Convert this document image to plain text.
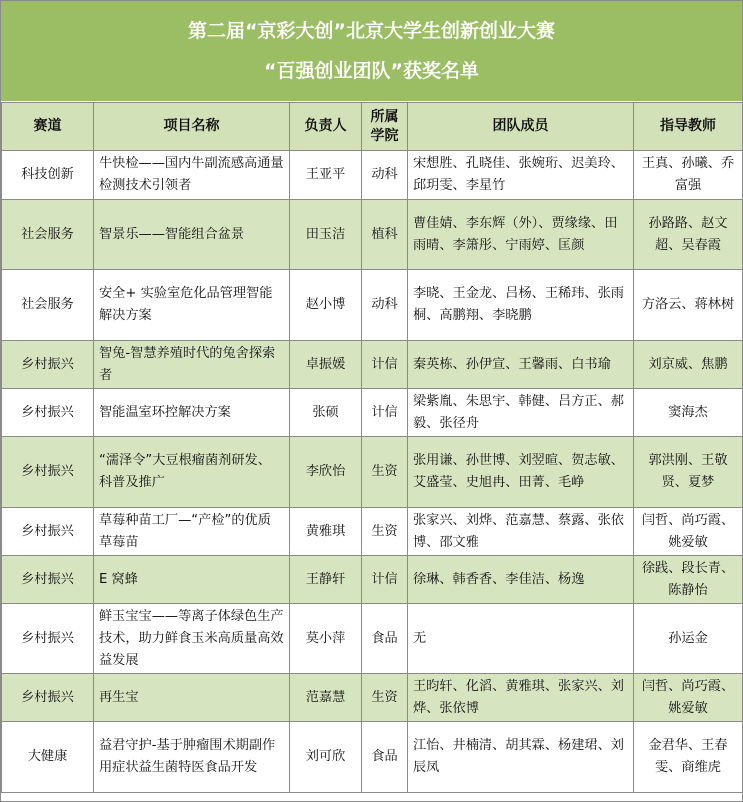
第二届“京彩大创”北京大学生创新创业大赛
“百强创业团队”获奖名单
赛道	项目名称	负责人	所属学院	团队成员	指导教师
科技创新	牛快检——国内牛副流感高通量检测技术引领者	王亚平	动科	宋想胜、孔晓佳、张婉珩、迟美玲、邱玥雯、李星竹	王真、孙曦、乔富强
社会服务	智景乐——智能组合盆景	田玉洁	植科	曹佳婧、李东辉（外）、贾缘缘、田雨晴、李箫彤、宁雨婷、匡颜	孙路路、赵文超、吴春霞
社会服务	安全+ 实验室危化品管理智能解决方案	赵小博	动科	李晓、王金龙、吕杨、王稀玮、张雨桐、高鹏翔、李晓鹏	方洛云、蒋林树
乡村振兴	智兔-智慧养殖时代的兔舍探索者	卓振媛	计信	秦英栋、孙伊宣、王馨雨、白书瑜	刘京威、焦鹏
乡村振兴	智能温室环控解决方案	张硕	计信	梁紫胤、朱思宇、韩健、吕方正、郝毅、张径舟	窦海杰
乡村振兴	“濡泽令”大豆根瘤菌剂研发、科普及推广	李欣怡	生资	张用谦、孙世博、刘翌暄、贺志敏、艾盛莹、史旭冉、田菁、毛峥	郭洪刚、王敬贤、夏梦
乡村振兴	草莓种苗工厂—“产检”的优质草莓苗	黄雅琪	生资	张家兴、刘烨、范嘉慧、蔡露、张依博、邵文雅	闫哲、尚巧霞、姚爱敏
乡村振兴	E 窝蜂	王静轩	计信	徐琳、韩香香、李佳洁、杨逸	徐践、段长青、陈静怡
乡村振兴	鲜玉宝宝——等离子体绿色生产技术，助力鲜食玉米高质量高效益发展	莫小萍	食品	无	孙运金
乡村振兴	再生宝	范嘉慧	生资	王昀轩、化滔、黄雅琪、张家兴、刘烨、张依博	闫哲、尚巧霞、姚爱敏
大健康	益君守护-基于肿瘤围术期副作用症状益生菌特医食品开发	刘可欣	食品	江怡、井楠清、胡其霖、杨建珺、刘辰凤	金君华、王春雯、商维虎
